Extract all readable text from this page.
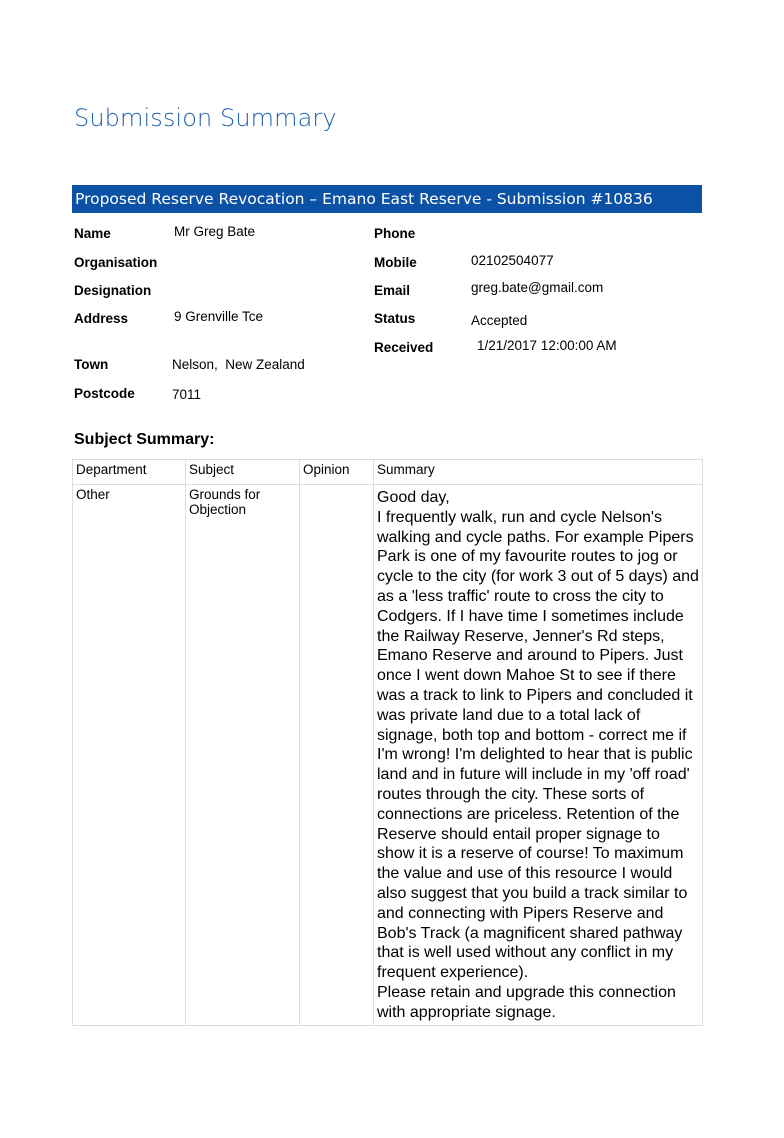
Submission Summary
Proposed Reserve Revocation – Emano East Reserve - Submission #10836
Name	Mr Greg Bate
Organisation
Designation
Address	9 Grenville Tce
Town	Nelson,  New Zealand
Postcode	7011
Phone
Mobile	02102504077
Email	greg.bate@gmail.com
Status	Accepted
Received	1/21/2017 12:00:00 AM
Subject Summary:
Department	Subject	Opinion	Summary
Other	Grounds for Objection		Good day,
I frequently walk, run and cycle Nelson's walking and cycle paths. For example Pipers Park is one of my favourite routes to jog or cycle to the city (for work 3 out of 5 days) and as a 'less traffic' route to cross the city to Codgers. If I have time I sometimes include the Railway Reserve, Jenner's Rd steps, Emano Reserve and around to Pipers. Just once I went down Mahoe St to see if there was a track to link to Pipers and concluded it was private land due to a total lack of signage, both top and bottom - correct me if I'm wrong! I'm delighted to hear that is public land and in future will include in my 'off road' routes through the city. These sorts of connections are priceless. Retention of the Reserve should entail proper signage to show it is a reserve of course! To maximum the value and use of this resource I would also suggest that you build a track similar to and connecting with Pipers Reserve and Bob's Track (a magnificent shared pathway that is well used without any conflict in my frequent experience).
Please retain and upgrade this connection with appropriate signage.
